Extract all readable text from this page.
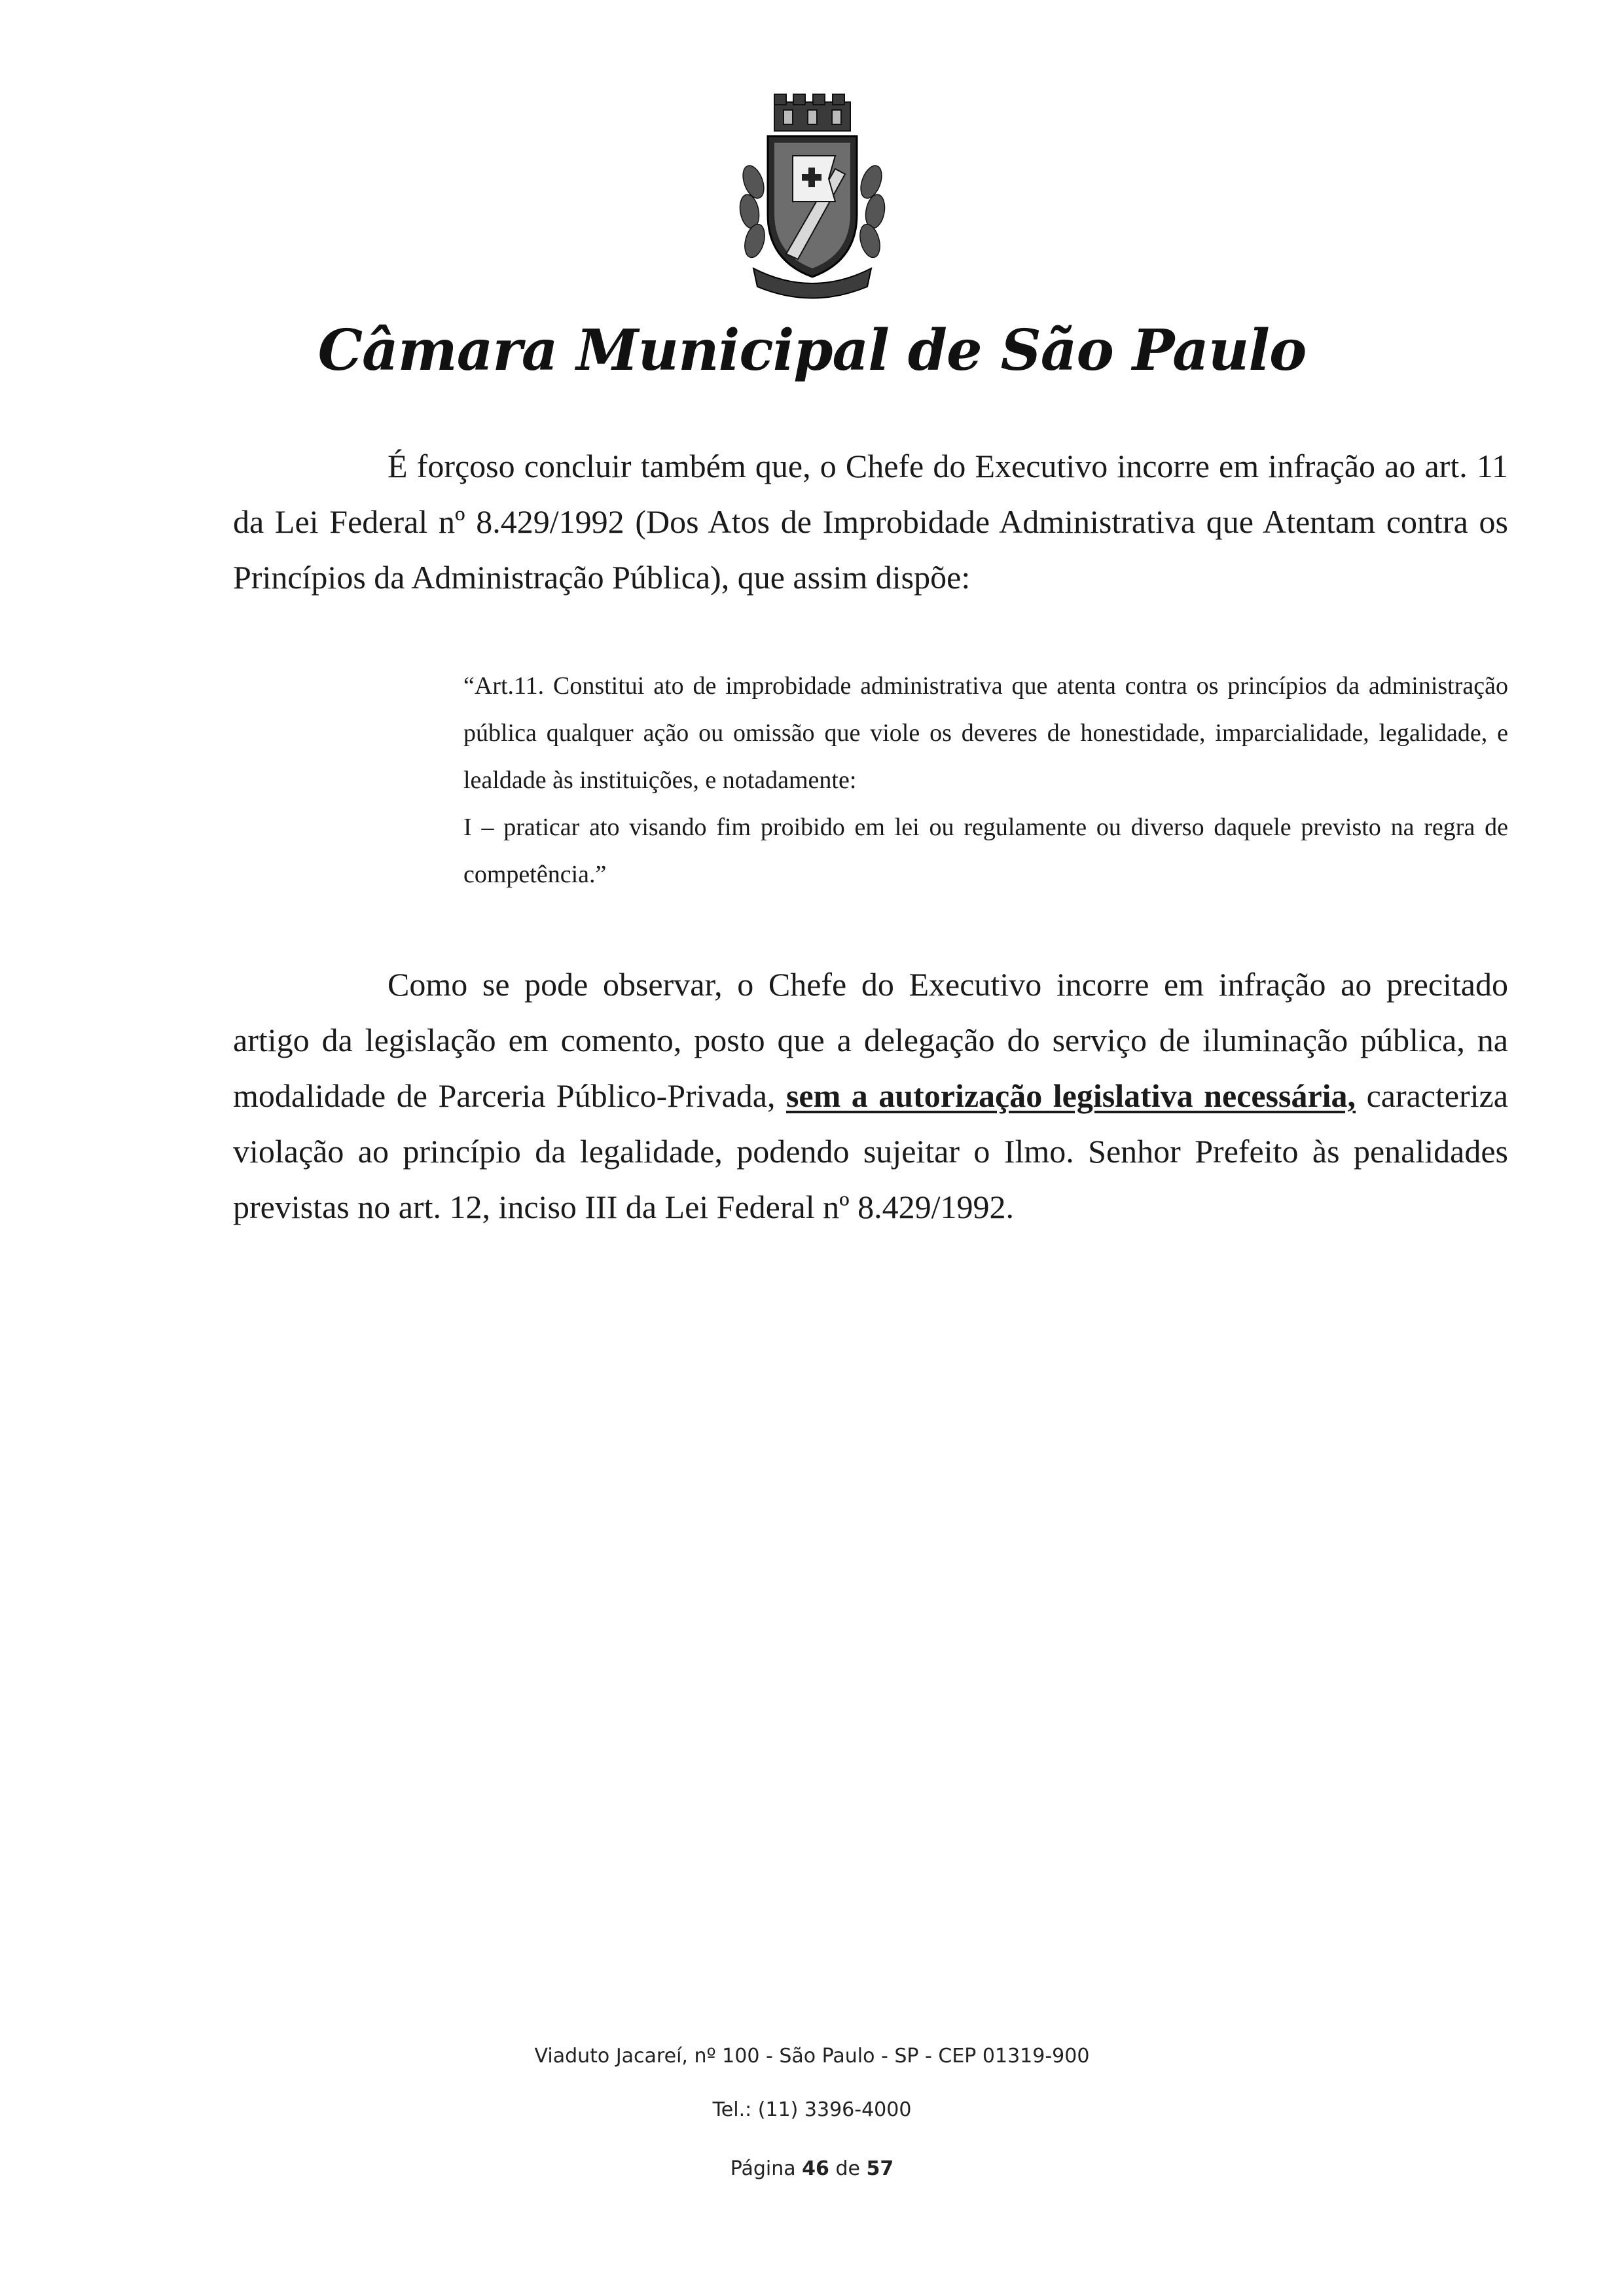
Câmara Municipal de São Paulo

É forçoso concluir também que, o Chefe do Executivo incorre em infração ao art. 11 da Lei Federal nº 8.429/1992 (Dos Atos de Improbidade Administrativa que Atentam contra os Princípios da Administração Pública), que assim dispõe:

“Art.11. Constitui ato de improbidade administrativa que atenta contra os princípios da administração pública qualquer ação ou omissão que viole os deveres de honestidade, imparcialidade, legalidade, e lealdade às instituições, e notadamente:

I – praticar ato visando fim proibido em lei ou regulamente ou diverso daquele previsto na regra de competência.”

Como se pode observar, o Chefe do Executivo incorre em infração ao precitado artigo da legislação em comento, posto que a delegação do serviço de iluminação pública, na modalidade de Parceria Público-Privada, sem a autorização legislativa necessária, caracteriza violação ao princípio da legalidade, podendo sujeitar o Ilmo. Senhor Prefeito às penalidades previstas no art. 12, inciso III da Lei Federal nº 8.429/1992.

Viaduto Jacareí, nº 100 - São Paulo - SP - CEP 01319-900
Tel.: (11) 3396-4000
Página 46 de 57
